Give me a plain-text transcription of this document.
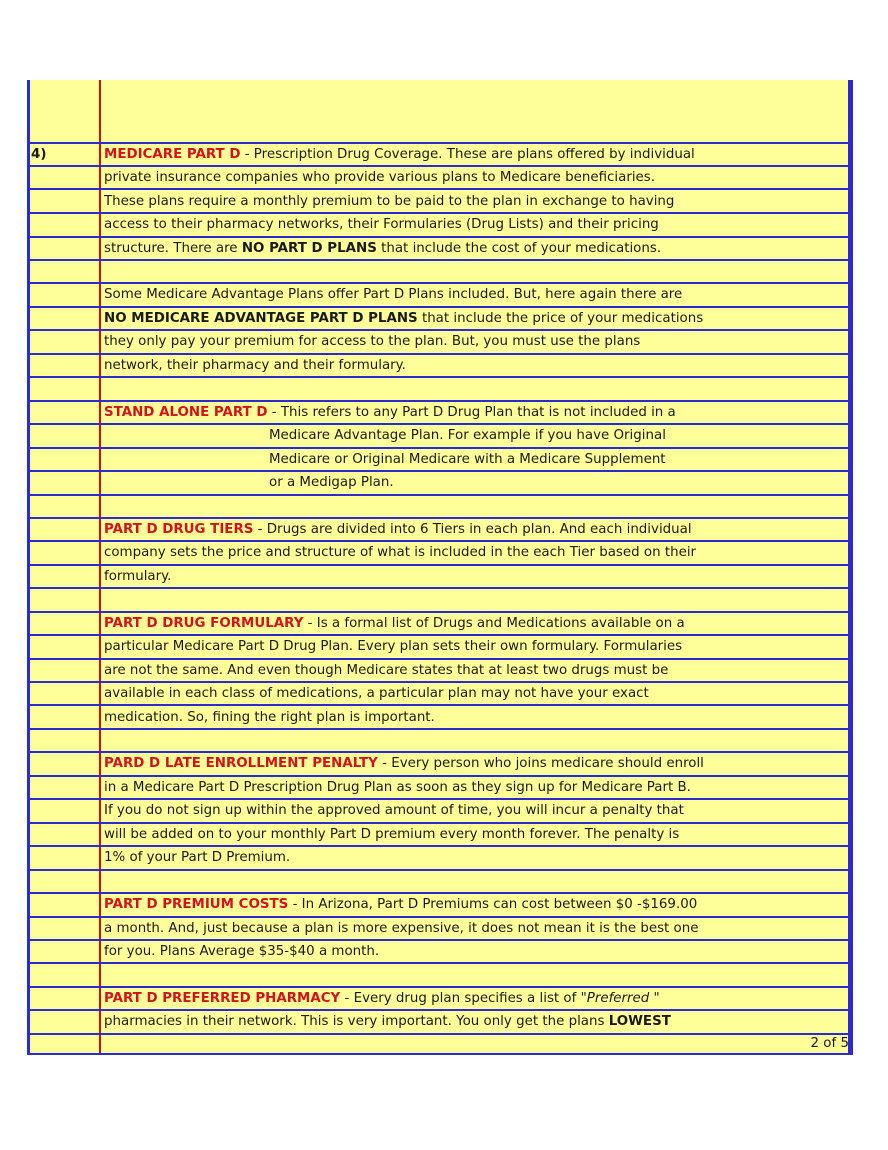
4)	MEDICARE PART D - Prescription Drug Coverage. These are plans offered by individual
private insurance companies who provide various plans to Medicare beneficiaries.
These plans require a monthly premium to be paid to the plan in exchange to having
access to their pharmacy networks, their Formularies (Drug Lists) and their pricing
structure. There are NO PART D PLANS that include the cost of your medications.
Some Medicare Advantage Plans offer Part D Plans included. But, here again there are
NO MEDICARE ADVANTAGE PART D PLANS that include the price of your medications
they only pay your premium for access to the plan. But, you must use the plans
network, their pharmacy and their formulary.
STAND ALONE PART D - This refers to any Part D Drug Plan that is not included in a
Medicare Advantage Plan. For example if you have Original
Medicare or Original Medicare with a Medicare Supplement
or a Medigap Plan.
PART D DRUG TIERS - Drugs are divided into 6 Tiers in each plan. And each individual
company sets the price and structure of what is included in the each Tier based on their
formulary.
PART D DRUG FORMULARY - Is a formal list of Drugs and Medications available on a
particular Medicare Part D Drug Plan. Every plan sets their own formulary. Formularies
are not the same. And even though Medicare states that at least two drugs must be
available in each class of medications, a particular plan may not have your exact
medication. So, fining the right plan is important.
PARD D LATE ENROLLMENT PENALTY - Every person who joins medicare should enroll
in a Medicare Part D Prescription Drug Plan as soon as they sign up for Medicare Part B.
If you do not sign up within the approved amount of time, you will incur a penalty that
will be added on to your monthly Part D premium every month forever. The penalty is
1% of your Part D Premium.
PART D PREMIUM COSTS - In Arizona, Part D Premiums can cost between $0 -$169.00
a month. And, just because a plan is more expensive, it does not mean it is the best one
for you. Plans Average $35-$40 a month.
PART D PREFERRED PHARMACY - Every drug plan specifies a list of "Preferred "
pharmacies in their network. This is very important. You only get the plans LOWEST
2 of 5
